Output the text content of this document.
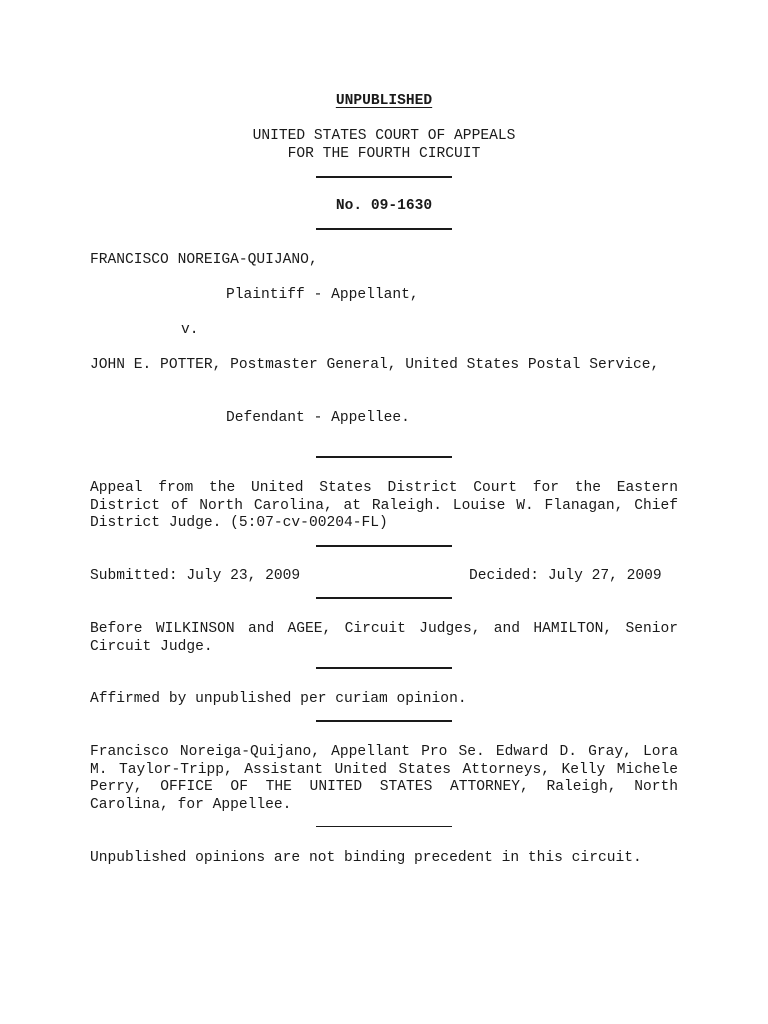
UNPUBLISHED
UNITED STATES COURT OF APPEALS
FOR THE FOURTH CIRCUIT
No. 09-1630
FRANCISCO NOREIGA-QUIJANO,
Plaintiff - Appellant,
v.
JOHN E. POTTER, Postmaster General, United States Postal Service,
Defendant - Appellee.
Appeal from the United States District Court for the Eastern District of North Carolina, at Raleigh. Louise W. Flanagan, Chief District Judge. (5:07-cv-00204-FL)
Submitted: July 23, 2009	Decided: July 27, 2009
Before WILKINSON and AGEE, Circuit Judges, and HAMILTON, Senior Circuit Judge.
Affirmed by unpublished per curiam opinion.
Francisco Noreiga-Quijano, Appellant Pro Se. Edward D. Gray, Lora M. Taylor-Tripp, Assistant United States Attorneys, Kelly Michele Perry, OFFICE OF THE UNITED STATES ATTORNEY, Raleigh, North Carolina, for Appellee.
Unpublished opinions are not binding precedent in this circuit.
